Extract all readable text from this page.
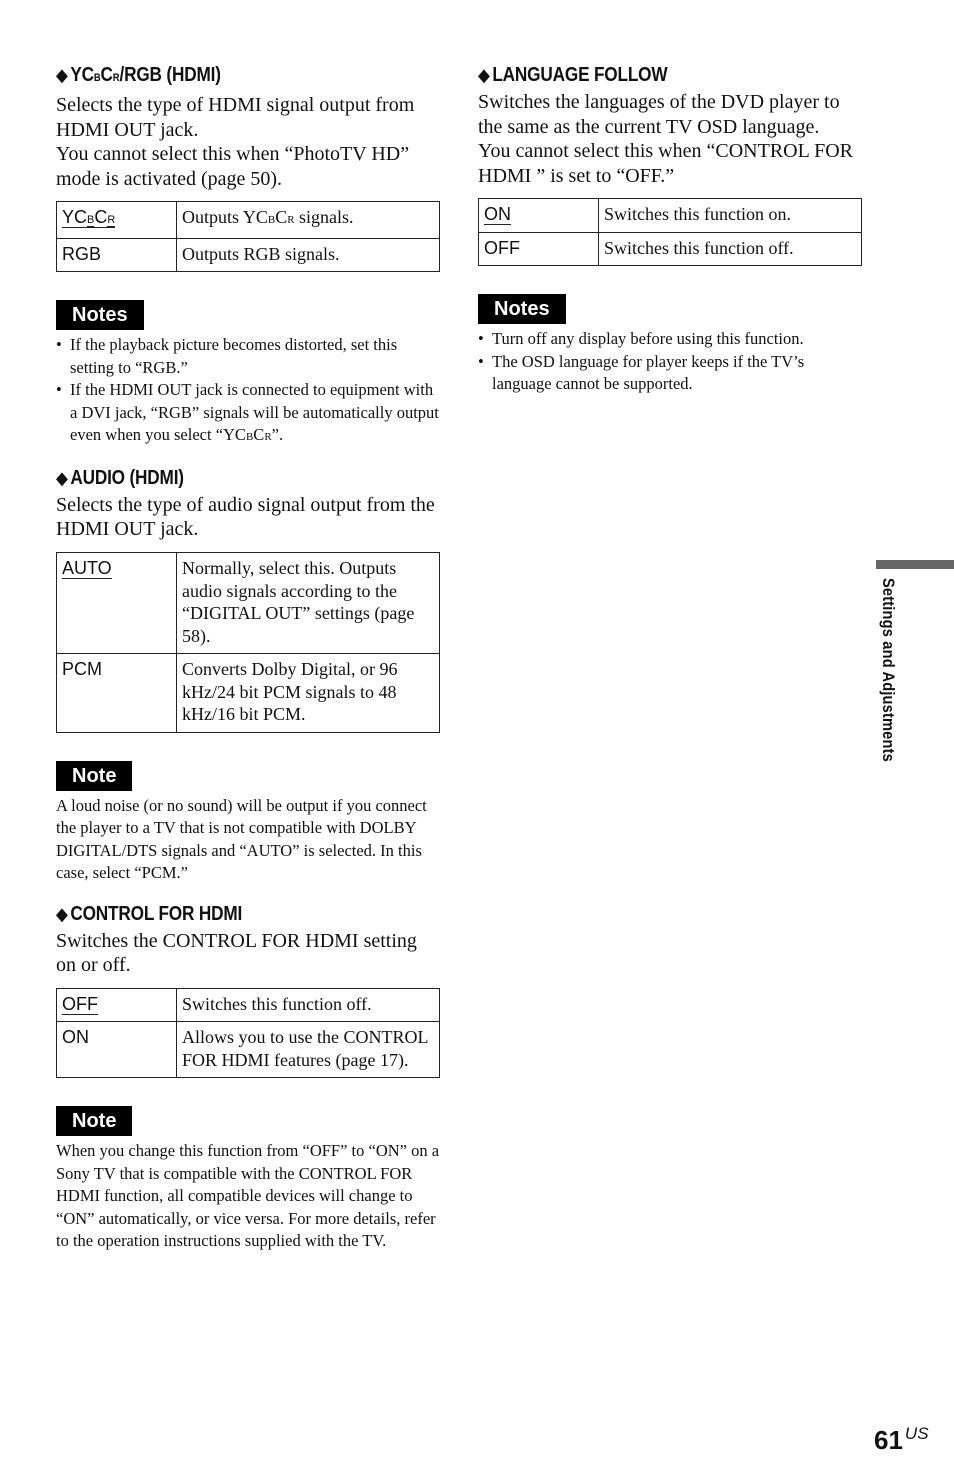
◆ YCBCR/RGB (HDMI)

Selects the type of HDMI signal output from HDMI OUT jack.

You cannot select this when “PhotoTV HD” mode is activated (page 50).

YCBCR	Outputs YCBCR signals.
RGB	Outputs RGB signals.
Notes
• If the playback picture becomes distorted, set this setting to “RGB.”
• If the HDMI OUT jack is connected to equipment with a DVI jack, “RGB” signals will be automatically output even when you select “YCBCR”.
◆ AUDIO (HDMI)

Selects the type of audio signal output from the HDMI OUT jack.

AUTO	Normally, select this. Outputs audio signals according to the “DIGITAL OUT” settings (page 58).
PCM	Converts Dolby Digital, or 96 kHz/24 bit PCM signals to 48 kHz/16 bit PCM.
Note

A loud noise (or no sound) will be output if you connect the player to a TV that is not compatible with DOLBY DIGITAL/DTS signals and “AUTO” is selected. In this case, select “PCM.”

◆ CONTROL FOR HDMI

Switches the CONTROL FOR HDMI setting on or off.

OFF	Switches this function off.
ON	Allows you to use the CONTROL FOR HDMI features (page 17).
Note

When you change this function from “OFF” to “ON” on a Sony TV that is compatible with the CONTROL FOR HDMI function, all compatible devices will change to “ON” automatically, or vice versa. For more details, refer to the operation instructions supplied with the TV.

◆ LANGUAGE FOLLOW

Switches the languages of the DVD player to the same as the current TV OSD language.

You cannot select this when “CONTROL FOR HDMI ” is set to “OFF.”

ON	Switches this function on.
OFF	Switches this function off.
Notes
• Turn off any display before using this function.
• The OSD language for player keeps if the TV’s language cannot be supported.
Settings and Adjustments
61 US
